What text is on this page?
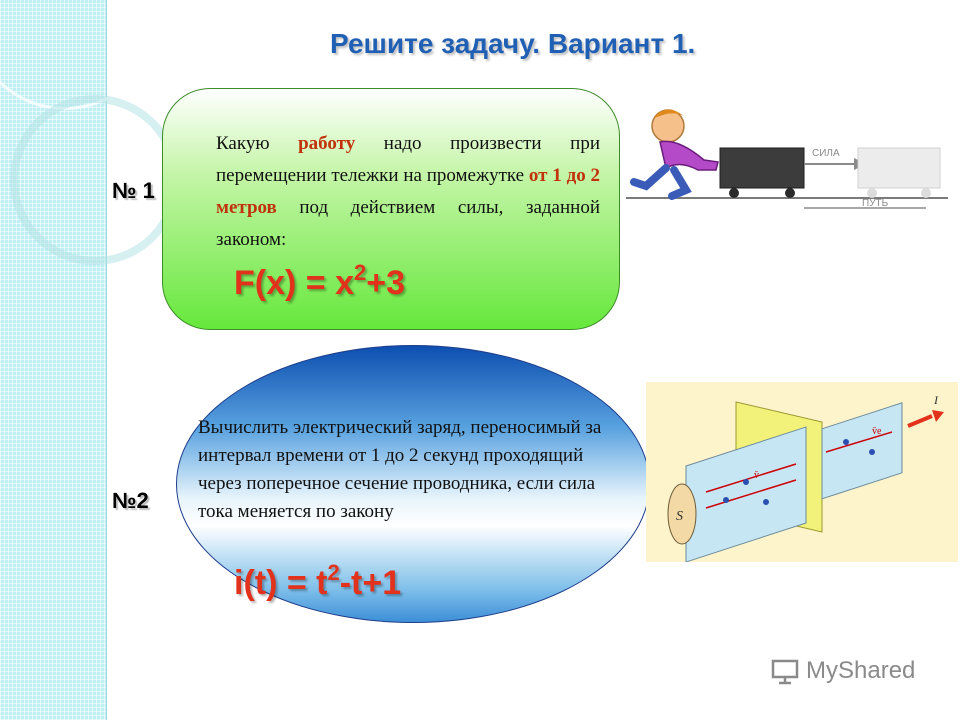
Решите задачу. Вариант 1.
№ 1
№2
Какую работу надо произвести при перемещении тележки на промежутке от 1 до 2 метров под действием силы, заданной законом:
$F(x) = x^2+3$
Вычислить электрический заряд, переносимый за интервал времени от 1 до 2 секунд проходящий через поперечное сечение проводника, если сила тока меняется по закону
$i(t) = t^2-t+1$
СИЛА
ПУТЬ
S
I
v̄
v̄e
MyShared
